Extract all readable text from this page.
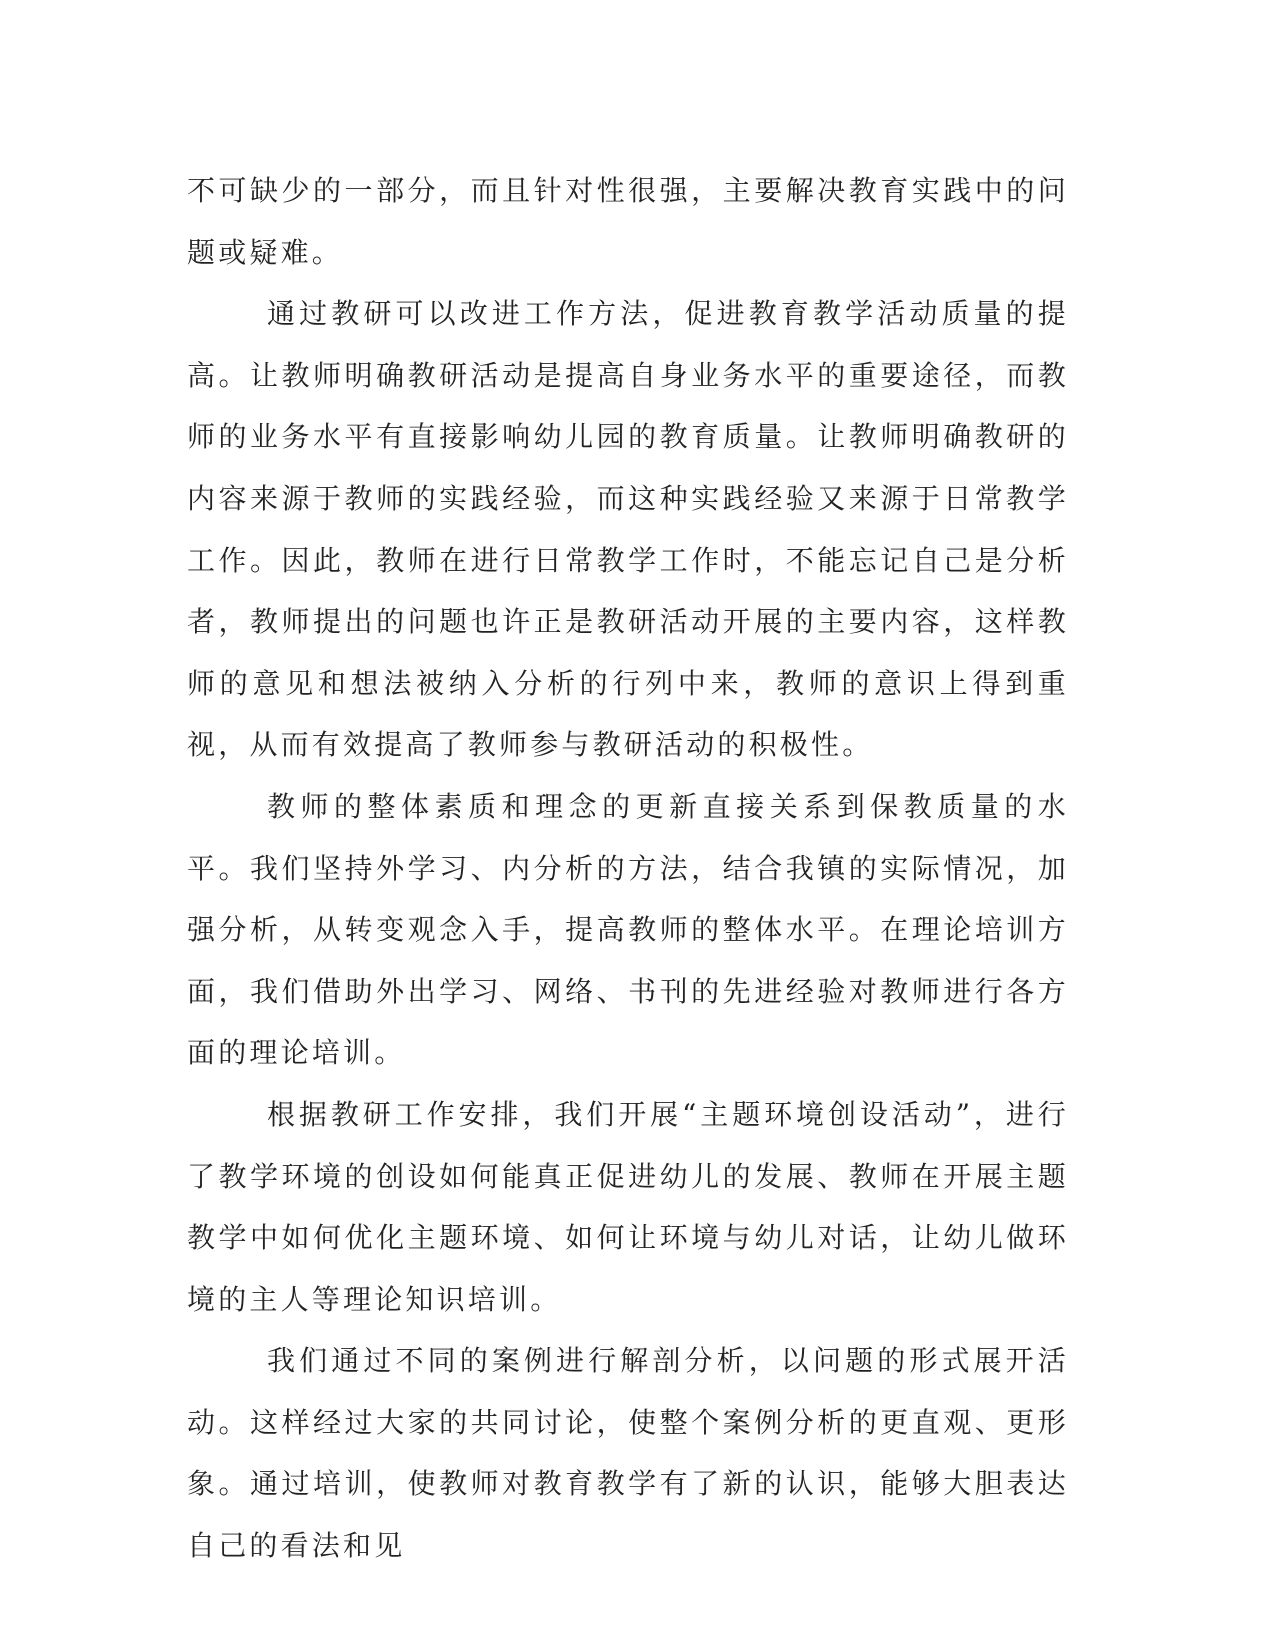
不可缺少的一部分，而且针对性很强，主要解决教育实践中的问题或疑难。

通过教研可以改进工作方法，促进教育教学活动质量的提高。让教师明确教研活动是提高自身业务水平的重要途径，而教师的业务水平有直接影响幼儿园的教育质量。让教师明确教研的内容来源于教师的实践经验，而这种实践经验又来源于日常教学工作。因此，教师在进行日常教学工作时，不能忘记自己是分析者，教师提出的问题也许正是教研活动开展的主要内容，这样教师的意见和想法被纳入分析的行列中来，教师的意识上得到重视，从而有效提高了教师参与教研活动的积极性。

教师的整体素质和理念的更新直接关系到保教质量的水平。我们坚持外学习、内分析的方法，结合我镇的实际情况，加强分析，从转变观念入手，提高教师的整体水平。在理论培训方面，我们借助外出学习、网络、书刊的先进经验对教师进行各方面的理论培训。

根据教研工作安排，我们开展“主题环境创设活动”，进行了教学环境的创设如何能真正促进幼儿的发展、教师在开展主题教学中如何优化主题环境、如何让环境与幼儿对话，让幼儿做环境的主人等理论知识培训。

我们通过不同的案例进行解剖分析，以问题的形式展开活动。这样经过大家的共同讨论，使整个案例分析的更直观、更形象。通过培训，使教师对教育教学有了新的认识，能够大胆表达自己的看法和见
